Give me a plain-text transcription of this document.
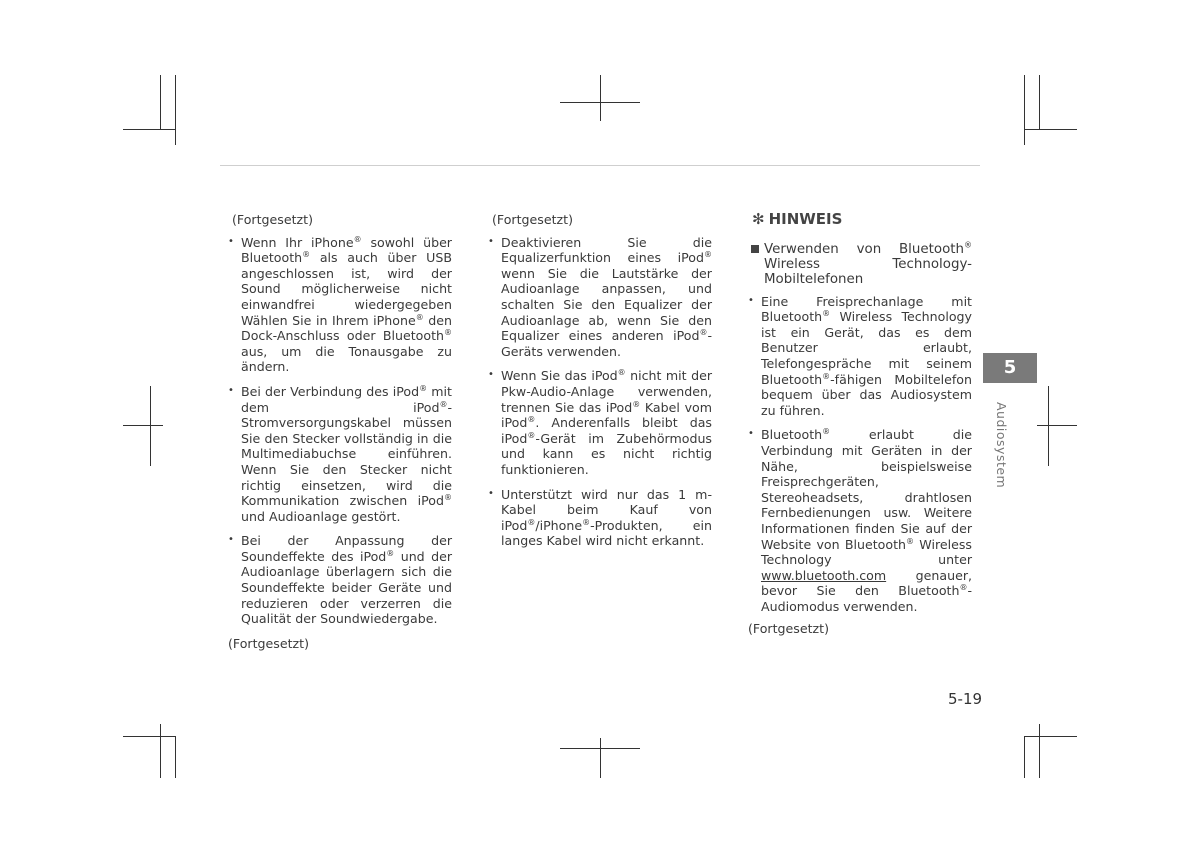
(Fortgesetzt)
• Wenn Ihr iPhone® sowohl über Bluetooth® als auch über USB angeschlossen ist, wird der Sound möglicherweise nicht einwandfrei wiedergegeben Wählen Sie in Ihrem iPhone® den Dock-Anschluss oder Bluetooth® aus, um die Tonausgabe zu ändern.
• Bei der Verbindung des iPod® mit dem iPod®-Stromversorgungskabel müssen Sie den Stecker vollständig in die Multimediabuchse einführen. Wenn Sie den Stecker nicht richtig einsetzen, wird die Kommunikation zwischen iPod® und Audioanlage gestört.
• Bei der Anpassung der Soundeffekte des iPod® und der Audioanlage überlagern sich die Soundeffekte beider Geräte und reduzieren oder verzerren die Qualität der Soundwiedergabe.
(Fortgesetzt)
(Fortgesetzt)
• Deaktivieren Sie die Equalizerfunktion eines iPod® wenn Sie die Lautstärke der Audioanlage anpassen, und schalten Sie den Equalizer der Audioanlage ab, wenn Sie den Equalizer eines anderen iPod®-Geräts verwenden.
• Wenn Sie das iPod® nicht mit der Pkw-Audio-Anlage verwenden, trennen Sie das iPod® Kabel vom iPod®. Anderenfalls bleibt das iPod®-Gerät im Zubehörmodus und kann es nicht richtig funktionieren.
• Unterstützt wird nur das 1 m-Kabel beim Kauf von iPod®/iPhone®-Produkten, ein langes Kabel wird nicht erkannt.
✻ HINWEIS
Verwenden von Bluetooth® Wireless Technology-Mobiltelefonen
• Eine Freisprechanlage mit Bluetooth® Wireless Technology ist ein Gerät, das es dem Benutzer erlaubt, Telefongespräche mit seinem Bluetooth®-fähigen Mobiltelefon bequem über das Audiosystem zu führen.
• Bluetooth® erlaubt die Verbindung mit Geräten in der Nähe, beispielsweise Freisprechgeräten, Stereoheadsets, drahtlosen Fernbedienungen usw. Weitere Informationen finden Sie auf der Website von Bluetooth® Wireless Technology unter www.bluetooth.com genauer, bevor Sie den Bluetooth®-Audiomodus verwenden.
(Fortgesetzt)
5
Audiosystem
5-19
